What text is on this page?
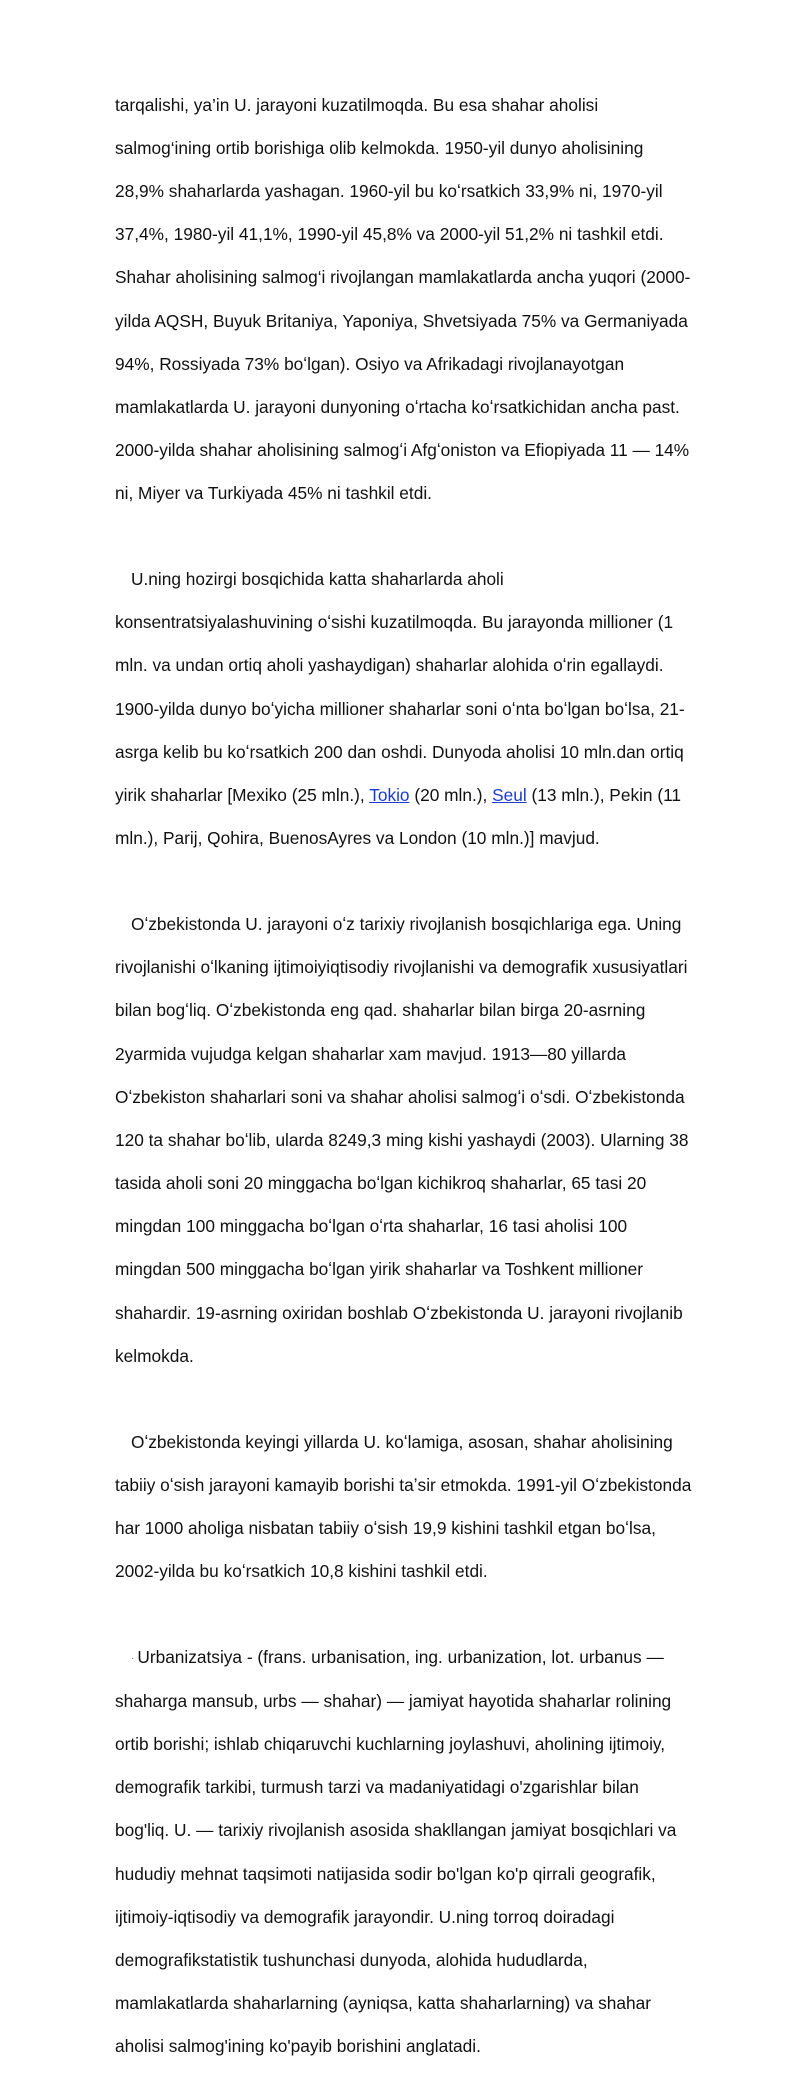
tarqalishi, ya’in U. jarayoni kuzatilmoqda. Bu esa shahar aholisi

salmog‘ining ortib borishiga olib kelmokda. 1950-yil dunyo aholisining

28,9% shaharlarda yashagan. 1960-yil bu koʻrsatkich 33,9% ni, 1970-yil

37,4%, 1980-yil 41,1%, 1990-yil 45,8% va 2000-yil 51,2% ni tashkil etdi.

Shahar aholisining salmog‘i rivojlangan mamlakatlarda ancha yuqori (2000-

yilda AQSH, Buyuk Britaniya, Yaponiya, Shvetsiyada 75% va Germaniyada

94%, Rossiyada 73% boʻlgan). Osiyo va Afrikadagi rivojlanayotgan

mamlakatlarda U. jarayoni dunyoning oʻrtacha koʻrsatkichidan ancha past.

2000-yilda shahar aholisining salmogʻi Afgʻoniston va Efiopiyada 11 — 14%

ni, Miyer va Turkiyada 45% ni tashkil etdi.

U.ning hozirgi bosqichida katta shaharlarda aholi

konsentratsiyalashuvining oʻsishi kuzatilmoqda. Bu jarayonda millioner (1

mln. va undan ortiq aholi yashaydigan) shaharlar alohida oʻrin egallaydi.

1900-yilda dunyo boʻyicha millioner shaharlar soni oʻnta boʻlgan boʻlsa, 21-

asrga kelib bu koʻrsatkich 200 dan oshdi. Dunyoda aholisi 10 mln.dan ortiq

yirik shaharlar [Mexiko (25 mln.), Tokio (20 mln.), Seul (13 mln.), Pekin (11

mln.), Parij, Qohira, BuenosAyres va London (10 mln.)] mavjud.

Oʻzbekistonda U. jarayoni oʻz tarixiy rivojlanish bosqichlariga ega. Uning

rivojlanishi oʻlkaning ijtimoiyiqtisodiy rivojlanishi va demografik xususiyatlari

bilan bogʻliq. Oʻzbekistonda eng qad. shaharlar bilan birga 20-asrning

2yarmida vujudga kelgan shaharlar xam mavjud. 1913—80 yillarda

Oʻzbekiston shaharlari soni va shahar aholisi salmogʻi oʻsdi. Oʻzbekistonda

120 ta shahar boʻlib, ularda 8249,3 ming kishi yashaydi (2003). Ularning 38

tasida aholi soni 20 minggacha boʻlgan kichikroq shaharlar, 65 tasi 20

mingdan 100 minggacha boʻlgan oʻrta shaharlar, 16 tasi aholisi 100

mingdan 500 minggacha boʻlgan yirik shaharlar va Toshkent millioner

shahardir. 19-asrning oxiridan boshlab Oʻzbekistonda U. jarayoni rivojlanib

kelmokda.

Oʻzbekistonda keyingi yillarda U. koʻlamiga, asosan, shahar aholisining

tabiiy oʻsish jarayoni kamayib borishi taʼsir etmokda. 1991-yil Oʻzbekistonda

har 1000 aholiga nisbatan tabiiy oʻsish 19,9 kishini tashkil etgan boʻlsa,

2002-yilda bu koʻrsatkich 10,8 kishini tashkil etdi.

· Urbanizatsiya - (frans. urbanisation, ing. urbanization, lot. urbanus —

shaharga mansub, urbs — shahar) — jamiyat hayotida shaharlar rolining

ortib borishi; ishlab chiqaruvchi kuchlarning joylashuvi, aholining ijtimoiy,

demografik tarkibi, turmush tarzi va madaniyatidagi o'zgarishlar bilan

bog'liq. U. — tarixiy rivojlanish asosida shakllangan jamiyat bosqichlari va

hududiy mehnat taqsimoti natijasida sodir bo'lgan ko'p qirrali geografik,

ijtimoiy-iqtisodiy va demografik jarayondir. U.ning torroq doiradagi

demografikstatistik tushunchasi dunyoda, alohida hududlarda,

mamlakatlarda shaharlarning (ayniqsa, katta shaharlarning) va shahar

aholisi salmog'ining ko'payib borishini anglatadi.
